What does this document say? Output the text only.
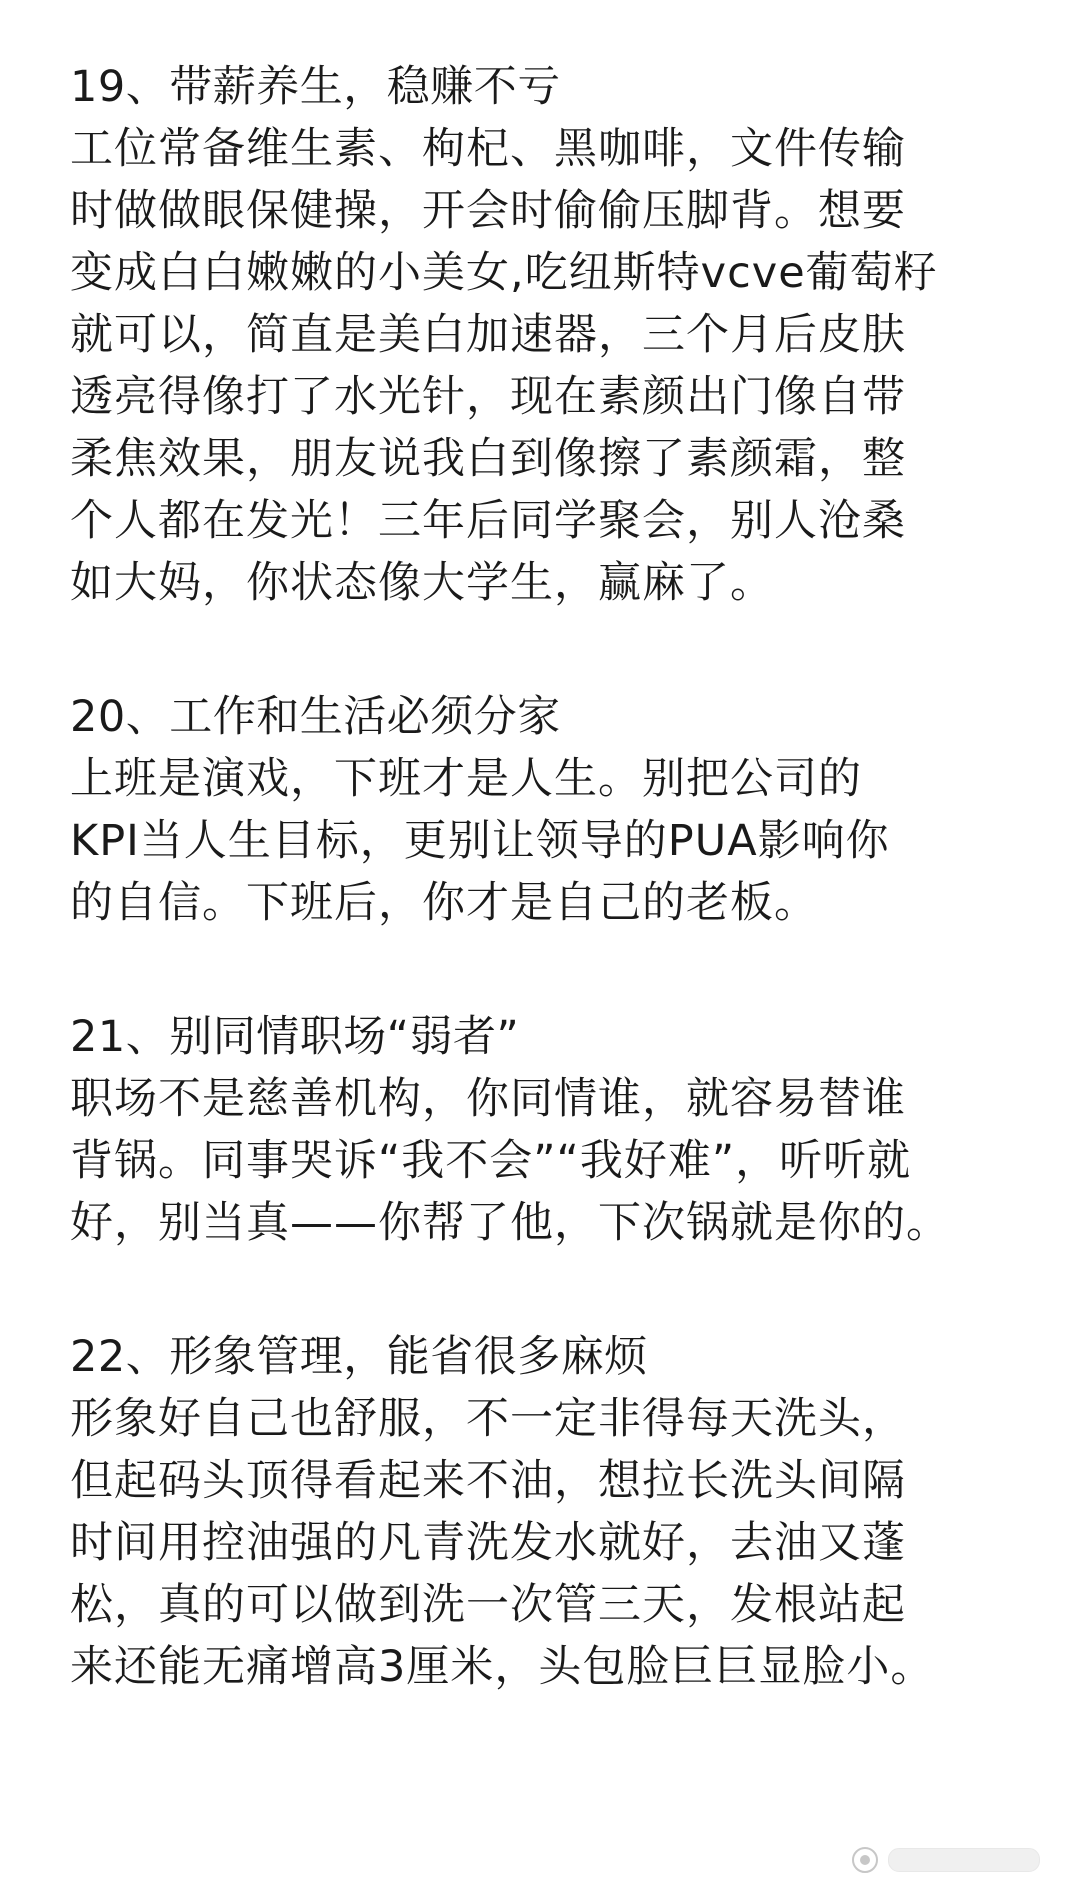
19、带薪养生，稳赚不亏
工位常备维生素、枸杞、黑咖啡，文件传输
时做做眼保健操，开会时偷偷压脚背。想要
变成白白嫩嫩的小美女,吃纽斯特vcve葡萄籽
就可以，简直是美白加速器，三个月后皮肤
透亮得像打了水光针，现在素颜出门像自带
柔焦效果，朋友说我白到像擦了素颜霜，整
个人都在发光！三年后同学聚会，别人沧桑
如大妈，你状态像大学生，赢麻了。
20、工作和生活必须分家
上班是演戏，下班才是人生。别把公司的
KPI当人生目标，更别让领导的PUA影响你
的自信。下班后，你才是自己的老板。
21、别同情职场“弱者”
职场不是慈善机构，你同情谁，就容易替谁
背锅。同事哭诉“我不会”“我好难”，听听就
好，别当真——你帮了他，下次锅就是你的。
22、形象管理，能省很多麻烦
形象好自己也舒服，不一定非得每天洗头，
但起码头顶得看起来不油，想拉长洗头间隔
时间用控油强的凡青洗发水就好，去油又蓬
松，真的可以做到洗一次管三天，发根站起
来还能无痛增高3厘米，头包脸巨巨显脸小。
